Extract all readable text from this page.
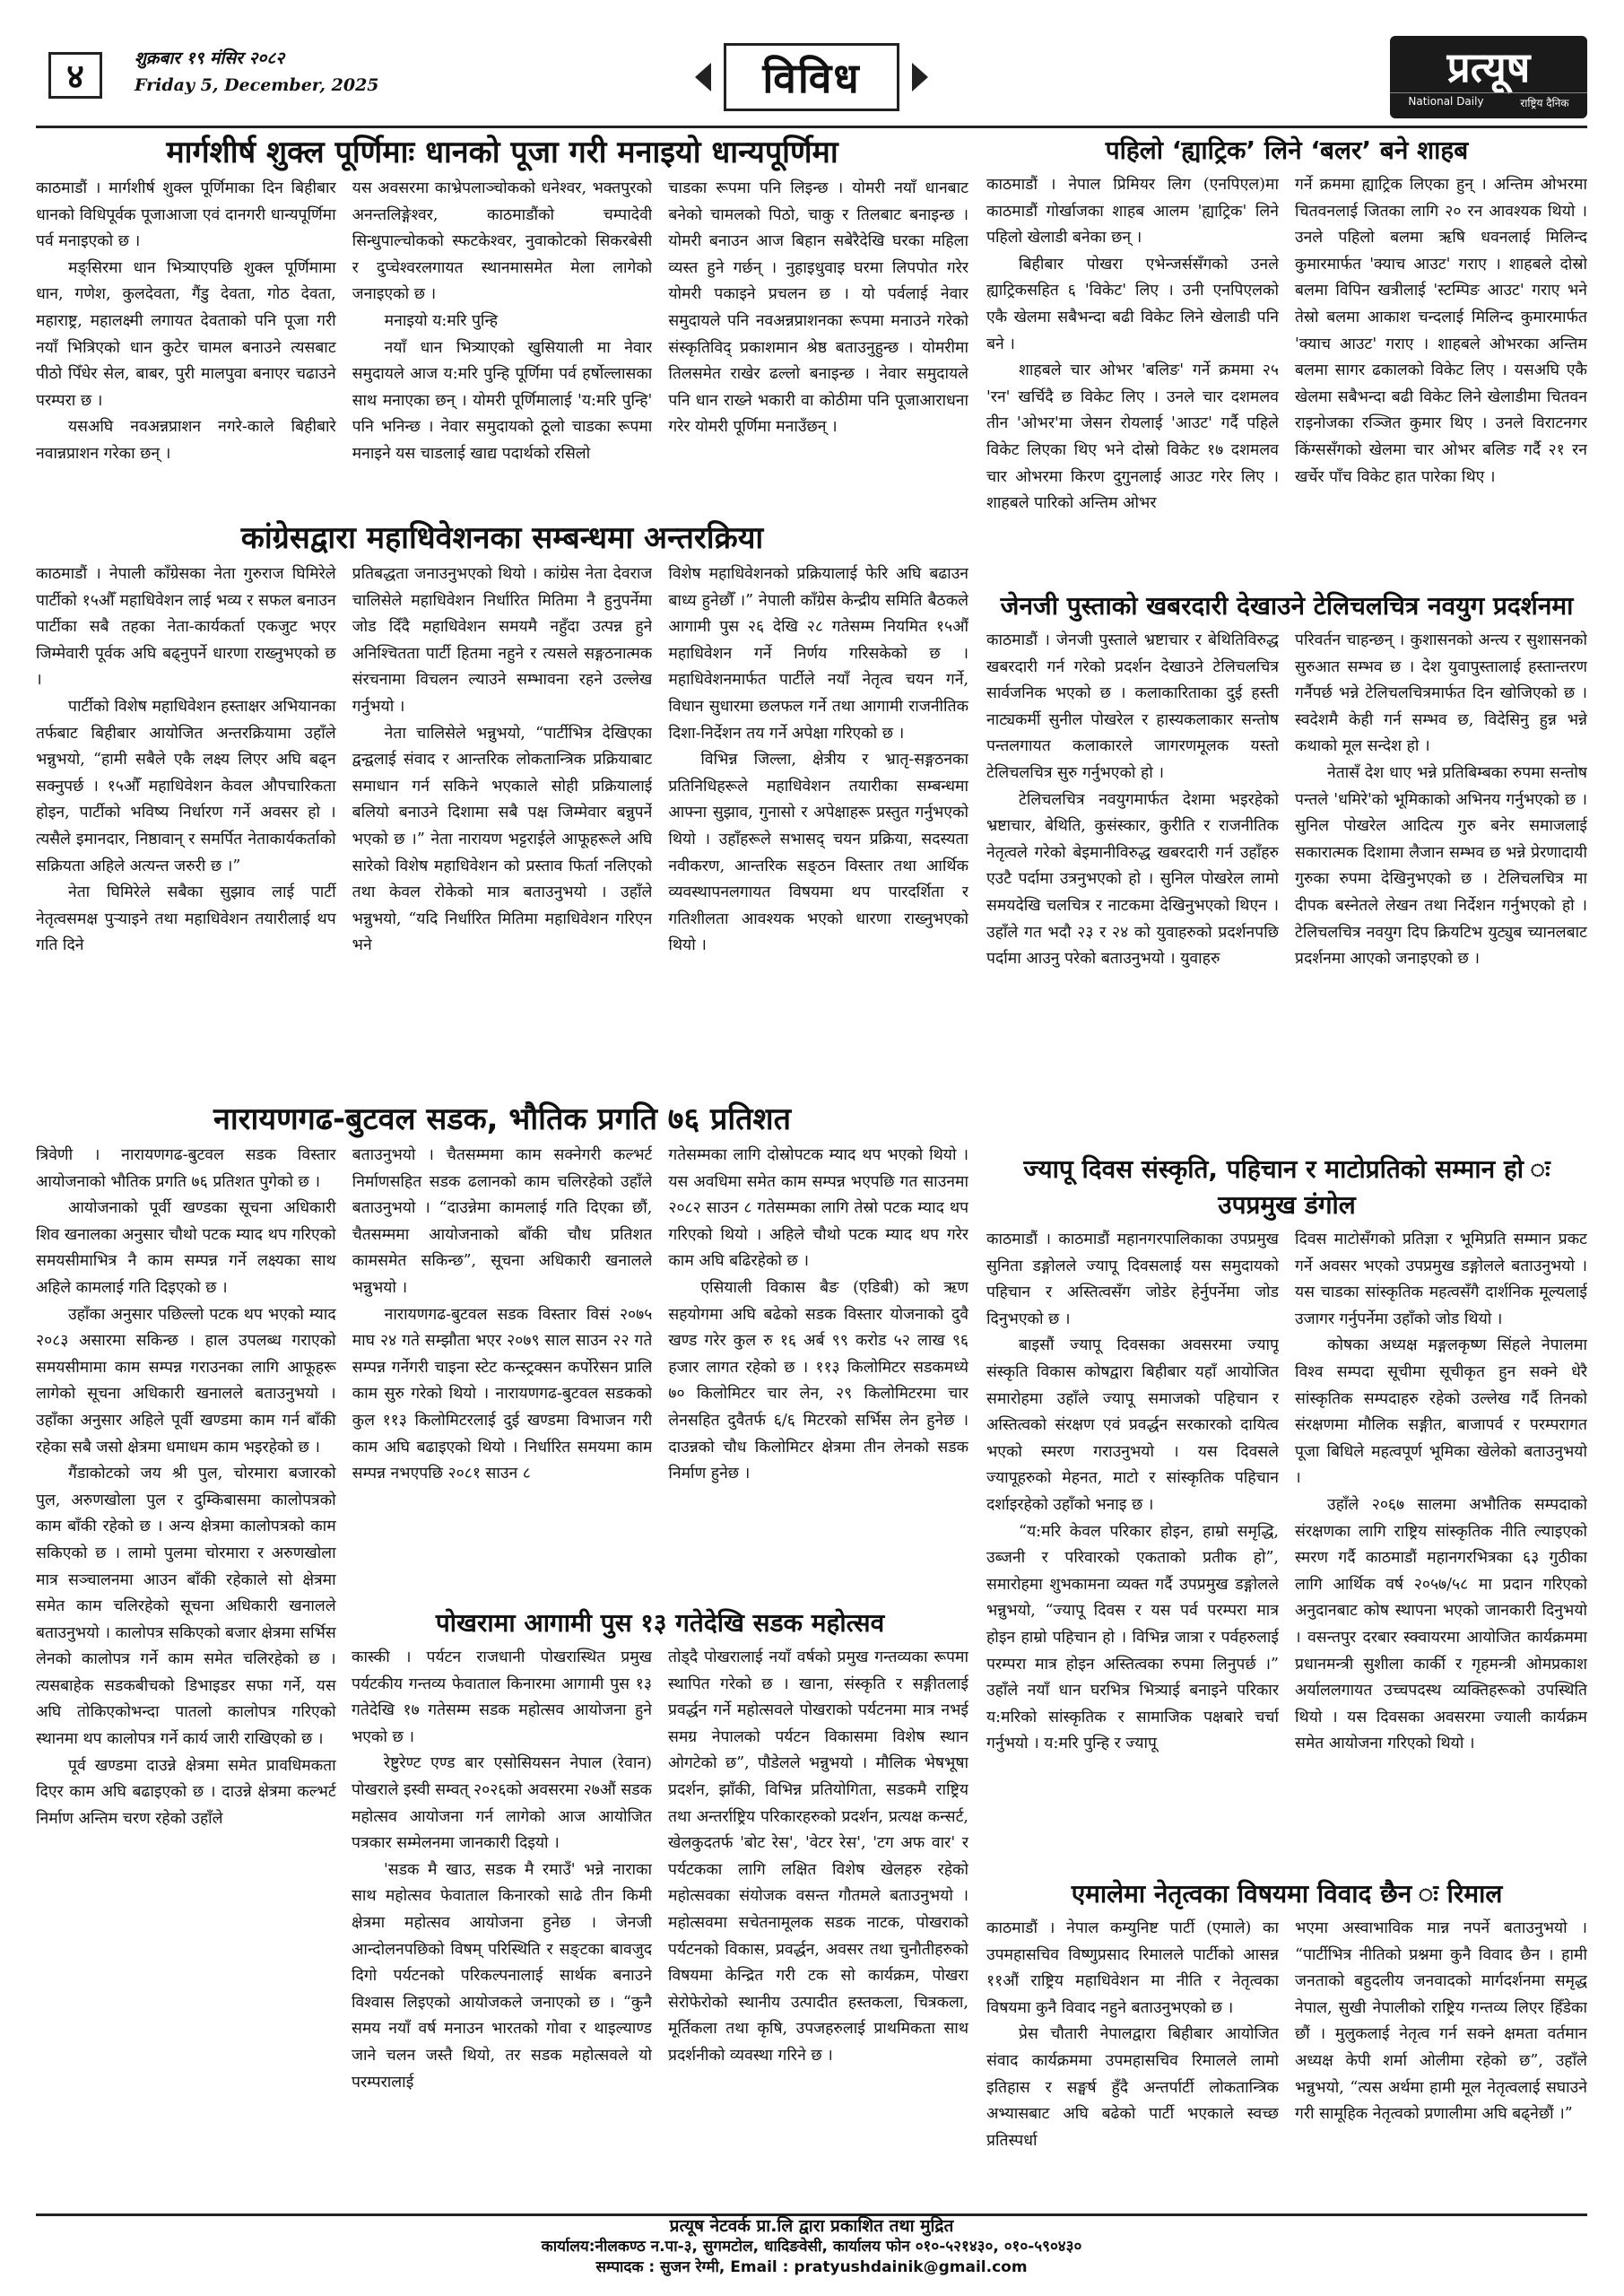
४	शुक्रबार १९ मंसिर २०८२
Friday 5, December, 2025	विविध	प्रत्यूष
National Daily	राष्ट्रिय दैनिक
मार्गशीर्ष शुक्ल पूर्णिमाः धानको पूजा गरी मनाइयो धान्यपूर्णिमा

काठमाडौं । मार्गशीर्ष शुक्ल पूर्णिमाका दिन बिहीबार धानको विधिपूर्वक पूजाआजा एवं दानगरी धान्यपूर्णिमा पर्व मनाइएको छ ।

मङ्सिरमा धान भित्र्याएपछि शुक्ल पूर्णिमामा धान, गणेश, कुलदेवता, गैंडु देवता, गोठ देवता, महाराष्ट्र, महालक्ष्मी लगायत देवताको पनि पूजा गरी नयाँ भित्रिएको धान कुटेर चामल बनाउने त्यसबाट पीठो पिँधेर सेल, बाबर, पुरी मालपुवा बनाएर चढाउने परम्परा छ ।

यसअघि नवअन्नप्राशन नगरे-काले बिहीबारे नवान्नप्राशन गरेका छन् ।

यस अवसरमा काभ्रेपलाञ्चोकको धनेश्वर, भक्तपुरको अनन्तलिङ्गेश्वर, काठमाडौंको चम्पादेवी सिन्धुपाल्चोकको स्फटकेश्वर, नुवाकोटको सिकरबेसी र दुप्चेश्वरलगायत स्थानमासमेत मेला लागेको जनाइएको छ ।

मनाइयो य:मरि पुन्हि

नयाँ धान भित्र्याएको खुसियाली मा नेवार समुदायले आज य:मरि पुन्हि पूर्णिमा पर्व हर्षोल्लासका साथ मनाएका छन् । योमरी पूर्णिमालाई 'य:मरि पुन्हि' पनि भनिन्छ । नेवार समुदायको ठूलो चाडका रूपमा मनाइने यस चाडलाई खाद्य पदार्थको रसिलो

चाडका रूपमा पनि लिइन्छ । योमरी नयाँ धानबाट बनेको चामलको पिठो, चाकु र तिलबाट बनाइन्छ । योमरी बनाउन आज बिहान सबेरैदेखि घरका महिला व्यस्त हुने गर्छन् । नुहाइधुवाइ घरमा लिपपोत गरेर योमरी पकाइने प्रचलन छ । यो पर्वलाई नेवार समुदायले पनि नवअन्नप्राशनका रूपमा मनाउने गरेको संस्कृतिविद् प्रकाशमान श्रेष्ठ बताउनुहुन्छ । योमरीमा तिलसमेत राखेर ढल्लो बनाइन्छ । नेवार समुदायले पनि धान राख्ने भकारी वा कोठीमा पनि पूजाआराधना गरेर योमरी पूर्णिमा मनाउँछन् ।

कांग्रेसद्वारा महाधिवेशनका सम्बन्धमा अन्तरक्रिया

काठमाडौं । नेपाली काँग्रेसका नेता गुरुराज घिमिरेले पार्टीको १५औँ महाधिवेशन लाई भव्य र सफल बनाउन पार्टीका सबै तहका नेता-कार्यकर्ता एकजुट भएर जिम्मेवारी पूर्वक अघि बढ्नुपर्ने धारणा राख्नुभएको छ ।

पार्टीको विशेष महाधिवेशन हस्ताक्षर अभियानका तर्फबाट बिहीबार आयोजित अन्तरक्रियामा उहाँले भन्नुभयो, “हामी सबैले एकै लक्ष्य लिएर अघि बढ्न सक्नुपर्छ । १५औँ महाधिवेशन केवल औपचारिकता होइन, पार्टीको भविष्य निर्धारण गर्ने अवसर हो । त्यसैले इमानदार, निष्ठावान् र समर्पित नेताकार्यकर्ताको सक्रियता अहिले अत्यन्त जरुरी छ ।”

नेता घिमिरेले सबैका सुझाव लाई पार्टी नेतृत्वसमक्ष पुऱ्याइने तथा महाधिवेशन तयारीलाई थप गति दिने

प्रतिबद्धता जनाउनुभएको थियो । कांग्रेस नेता देवराज चालिसेले महाधिवेशन निर्धारित मितिमा नै हुनुपर्नेमा जोड दिँदै महाधिवेशन समयमै नहुँदा उत्पन्न हुने अनिश्चितता पार्टी हितमा नहुने र त्यसले सङ्गठनात्मक संरचनामा विचलन ल्याउने सम्भावना रहने उल्लेख गर्नुभयो ।

नेता चालिसेले भन्नुभयो, “पार्टीभित्र देखिएका द्वन्द्वलाई संवाद र आन्तरिक लोकतान्त्रिक प्रक्रियाबाट समाधान गर्न सकिने भएकाले सोही प्रक्रियालाई बलियो बनाउने दिशामा सबै पक्ष जिम्मेवार बन्नुपर्ने भएको छ ।” नेता नारायण भट्टराईले आफूहरूले अघि सारेको विशेष महाधिवेशन को प्रस्ताव फिर्ता नलिएको तथा केवल रोकेको मात्र बताउनुभयो । उहाँले भन्नुभयो, “यदि निर्धारित मितिमा महाधिवेशन गरिएन भने

विशेष महाधिवेशनको प्रक्रियालाई फेरि अघि बढाउन बाध्य हुनेछौँ ।” नेपाली काँग्रेस केन्द्रीय समिति बैठकले आगामी पुस २६ देखि २८ गतेसम्म नियमित १५औँ महाधिवेशन गर्ने निर्णय गरिसकेको छ । महाधिवेशनमार्फत पार्टीले नयाँ नेतृत्व चयन गर्ने, विधान सुधारमा छलफल गर्ने तथा आगामी राजनीतिक दिशा-निर्देशन तय गर्ने अपेक्षा गरिएको छ ।

विभिन्न जिल्ला, क्षेत्रीय र भ्रातृ-सङ्गठनका प्रतिनिधिहरूले महाधिवेशन तयारीका सम्बन्धमा आफ्ना सुझाव, गुनासो र अपेक्षाहरू प्रस्तुत गर्नुभएको थियो । उहाँहरूले सभासद् चयन प्रक्रिया, सदस्यता नवीकरण, आन्तरिक सङ्ठन विस्तार तथा आर्थिक व्यवस्थापनलगायत विषयमा थप पारदर्शिता र गतिशीलता आवश्यक भएको धारणा राख्नुभएको थियो ।

नारायणगढ-बुटवल सडक, भौतिक प्रगति ७६ प्रतिशत

त्रिवेणी । नारायणगढ-बुटवल सडक विस्तार आयोजनाको भौतिक प्रगति ७६ प्रतिशत पुगेको छ ।

आयोजनाको पूर्वी खण्डका सूचना अधिकारी शिव खनालका अनुसार चौथो पटक म्याद थप गरिएको समयसीमाभित्र नै काम सम्पन्न गर्ने लक्ष्यका साथ अहिले कामलाई गति दिइएको छ ।

उहाँका अनुसार पछिल्लो पटक थप भएको म्याद २०८३ असारमा सकिन्छ । हाल उपलब्ध गराएको समयसीमामा काम सम्पन्न गराउनका लागि आफूहरू लागेको सूचना अधिकारी खनालले बताउनुभयो । उहाँका अनुसार अहिले पूर्वी खण्डमा काम गर्न बाँकी रहेका सबै जसो क्षेत्रमा धमाधम काम भइरहेको छ ।

गैंडाकोटको जय श्री पुल, चोरमारा बजारको पुल, अरुणखोला पुल र दुम्किबासमा कालोपत्रको काम बाँकी रहेको छ । अन्य क्षेत्रमा कालोपत्रको काम सकिएको छ । लामो पुलमा चोरमारा र अरुणखोला मात्र सञ्चालनमा आउन बाँकी रहेकाले सो क्षेत्रमा समेत काम चलिरहेको सूचना अधिकारी खनालले बताउनुभयो । कालोपत्र सकिएको बजार क्षेत्रमा सर्भिस लेनको कालोपत्र गर्ने काम समेत चलिरहेको छ । त्यसबाहेक सडकबीचको डिभाइडर सफा गर्ने, यस अघि तोकिएकोभन्दा पातलो कालोपत्र गरिएको स्थानमा थप कालोपत्र गर्ने कार्य जारी राखिएको छ ।

पूर्व खण्डमा दाउन्ने क्षेत्रमा समेत प्रावधिमकता दिएर काम अघि बढाइएको छ । दाउन्ने क्षेत्रमा कल्भर्ट निर्माण अन्तिम चरण रहेको उहाँले

बताउनुभयो । चैतसम्ममा काम सक्नेगरी कल्भर्ट निर्माणसहित सडक ढलानको काम चलिरहेको उहाँले बताउनुभयो । “दाउन्नेमा कामलाई गति दिएका छौं, चैतसम्ममा आयोजनाको बाँकी चौध प्रतिशत कामसमेत सकिन्छ”, सूचना अधिकारी खनालले भन्नुभयो ।

नारायणगढ-बुटवल सडक विस्तार विसं २०७५ माघ २४ गते सम्झौता भएर २०७९ साल साउन २२ गते सम्पन्न गर्नेगरी चाइना स्टेट कन्स्ट्रक्सन कर्पोरेसन प्रालि काम सुरु गरेको थियो । नारायणगढ-बुटवल सडकको कुल ११३ किलोमिटरलाई दुई खण्डमा विभाजन गरी काम अघि बढाइएको थियो । निर्धारित समयमा काम सम्पन्न नभएपछि २०८१ साउन ८

गतेसम्मका लागि दोस्रोपटक म्याद थप भएको थियो । यस अवधिमा समेत काम सम्पन्न भएपछि गत साउनमा २०८२ साउन ८ गतेसम्मका लागि तेस्रो पटक म्याद थप गरिएको थियो । अहिले चौथो पटक म्याद थप गरेर काम अघि बढिरहेको छ ।

एसियाली विकास बैङ (एडिबी) को ऋण सहयोगमा अघि बढेको सडक विस्तार योजनाको दुवै खण्ड गरेर कुल रु १६ अर्ब ९९ करोड ५२ लाख ९६ हजार लागत रहेको छ । ११३ किलोमिटर सडकमध्ये ७० किलोमिटर चार लेन, २९ किलोमिटरमा चार लेनसहित दुवैतर्फ ६/६ मिटरको सर्भिस लेन हुनेछ । दाउन्नको चौध किलोमिटर क्षेत्रमा तीन लेनको सडक निर्माण हुनेछ ।

पोखरामा आगामी पुस १३ गतेदेखि सडक महोत्सव

कास्की । पर्यटन राजधानी पोखरास्थित प्रमुख पर्यटकीय गन्तव्य फेवाताल किनारमा आगामी पुस १३ गतेदेखि १७ गतेसम्म सडक महोत्सव आयोजना हुने भएको छ ।

रेष्टुरेण्ट एण्ड बार एसोसियसन नेपाल (रेवान) पोखराले इस्वी सम्वत् २०२६को अवसरमा २७औं सडक महोत्सव आयोजना गर्न लागेको आज आयोजित पत्रकार सम्मेलनमा जानकारी दिइयो ।

'सडक मै खाउ, सडक मै रमाउँ' भन्ने नाराका साथ महोत्सव फेवाताल किनारको साढे तीन किमी क्षेत्रमा महोत्सव आयोजना हुनेछ । जेनजी आन्दोलनपछिको विषम् परिस्थिति र सङ्टका बावजुद दिगो पर्यटनको परिकल्पनालाई सार्थक बनाउने विश्वास लिइएको आयोजकले जनाएको छ । “कुनै समय नयाँ वर्ष मनाउन भारतको गोवा र थाइल्याण्ड जाने चलन जस्तै थियो, तर सडक महोत्सवले यो परम्परालाई

तोड्दै पोखरालाई नयाँ वर्षको प्रमुख गन्तव्यका रूपमा स्थापित गरेको छ । खाना, संस्कृति र सङ्गीतलाई प्रवर्द्धन गर्ने महोत्सवले पोखराको पर्यटनमा मात्र नभई समग्र नेपालको पर्यटन विकासमा विशेष स्थान ओगटेको छ”, पौडेलले भन्नुभयो । मौलिक भेषभूषा प्रदर्शन, झाँकी, विभिन्न प्रतियोगिता, सडकमै राष्ट्रिय तथा अन्तर्राष्ट्रिय परिकारहरुको प्रदर्शन, प्रत्यक्ष कन्सर्ट, खेलकुदतर्फ 'बोट रेस', 'वेटर रेस', 'टग अफ वार' र पर्यटकका लागि लक्षित विशेष खेलहरु रहेको महोत्सवका संयोजक वसन्त गौतमले बताउनुभयो । महोत्सवमा सचेतनामूलक सडक नाटक, पोखराको पर्यटनको विकास, प्रवर्द्धन, अवसर तथा चुनौतीहरुको विषयमा केन्द्रित गरी टक सो कार्यक्रम, पोखरा सेरोफेरोको स्थानीय उत्पादीत हस्तकला, चित्रकला, मूर्तिकला तथा कृषि, उपजहरुलाई प्राथमिकता साथ प्रदर्शनीको व्यवस्था गरिने छ ।

पहिलो ‘ह्याट्रिक’ लिने ‘बलर’ बने शाहब

काठमाडौं । नेपाल प्रिमियर लिग (एनपिएल)मा काठमाडौं गोर्खाजका शाहब आलम 'ह्याट्रिक' लिने पहिलो खेलाडी बनेका छन् ।

बिहीबार पोखरा एभेन्जर्ससँगको उनले ह्याट्रिकसहित ६ 'विकेट' लिए । उनी एनपिएलको एकै खेलमा सबैभन्दा बढी विकेट लिने खेलाडी पनि बने ।

शाहबले चार ओभर 'बलिङ' गर्ने क्रममा २५ 'रन' खर्चिदै छ विकेट लिए । उनले चार दशमलव तीन 'ओभर'मा जेसन रोयलाई 'आउट' गर्दै पहिले विकेट लिएका थिए भने दोस्रो विकेट १७ दशमलव चार ओभरमा किरण दुगुनलाई आउट गरेर लिए । शाहबले पारिको अन्तिम ओभर

गर्ने क्रममा ह्याट्रिक लिएका हुन् । अन्तिम ओभरमा चितवनलाई जितका लागि २० रन आवश्यक थियो । उनले पहिलो बलमा ऋषि धवनलाई मिलिन्द कुमारमार्फत 'क्याच आउट' गराए । शाहबले दोस्रो बलमा विपिन खत्रीलाई 'स्टम्पिङ आउट' गराए भने तेस्रो बलमा आकाश चन्दलाई मिलिन्द कुमारमार्फत 'क्याच आउट' गराए । शाहबले ओभरका अन्तिम बलमा सागर ढकालको विकेट लिए । यसअघि एकै खेलमा सबैभन्दा बढी विकेट लिने खेलाडीमा चितवन राइनोजका रञ्जित कुमार थिए । उनले विराटनगर किंग्ससँगको खेलमा चार ओभर बलिङ गर्दै २१ रन खर्चेर पाँच विकेट हात पारेका थिए ।

जेनजी पुस्ताको खबरदारी देखाउने टेलिचलचित्र नवयुग प्रदर्शनमा

काठमाडौं । जेनजी पुस्ताले भ्रष्टाचार र बेथितिविरुद्ध खबरदारी गर्न गरेको प्रदर्शन देखाउने टेलिचलचित्र सार्वजनिक भएको छ । कलाकारिताका दुई हस्ती नाट्यकर्मी सुनील पोखरेल र हास्यकलाकार सन्तोष पन्तलगायत कलाकारले जागरणमूलक यस्तो टेलिचलचित्र सुरु गर्नुभएको हो ।

टेलिचलचित्र नवयुगमार्फत देशमा भइरहेको भ्रष्टाचार, बेथिति, कुसंस्कार, कुरीति र राजनीतिक नेतृत्वले गरेको बेइमानीविरुद्ध खबरदारी गर्न उहाँहरु एउटै पर्दामा उत्रनुभएको हो । सुनिल पोखरेल लामो समयदेखि चलचित्र र नाटकमा देखिनुभएको थिएन । उहाँले गत भदौ २३ र २४ को युवाहरुको प्रदर्शनपछि पर्दामा आउनु परेको बताउनुभयो । युवाहरु

परिवर्तन चाहन्छन् । कुशासनको अन्त्य र सुशासनको सुरुआत सम्भव छ । देश युवापुस्तालाई हस्तान्तरण गर्नैपर्छ भन्ने टेलिचलचित्रमार्फत दिन खोजिएको छ । स्वदेशमै केही गर्न सम्भव छ, विदेसिनु हुन्न भन्ने कथाको मूल सन्देश हो ।

नेतासँ देश धाए भन्ने प्रतिबिम्बका रुपमा सन्तोष पन्तले 'धमिरे'को भूमिकाको अभिनय गर्नुभएको छ । सुनिल पोखरेल आदित्य गुरु बनेर समाजलाई सकारात्मक दिशामा लैजान सम्भव छ भन्ने प्रेरणादायी गुरुका रुपमा देखिनुभएको छ । टेलिचलचित्र मा दीपक बस्नेतले लेखन तथा निर्देशन गर्नुभएको हो । टेलिचलचित्र नवयुग दिप क्रियटिभ युट्युब च्यानलबाट प्रदर्शनमा आएको जनाइएको छ ।

ज्यापू दिवस संस्कृति, पहिचान र माटोप्रतिको सम्मान हो ः उपप्रमुख डंगोल

काठमाडौं । काठमाडौं महानगरपालिकाका उपप्रमुख सुनिता डङ्गोलले ज्यापू दिवसलाई यस समुदायको पहिचान र अस्तित्वसँग जोडेर हेर्नुपर्नेमा जोड दिनुभएको छ ।

बाइसौं ज्यापू दिवसका अवसरमा ज्यापू संस्कृति विकास कोषद्वारा बिहीबार यहाँ आयोजित समारोहमा उहाँले ज्यापू समाजको पहिचान र अस्तित्वको संरक्षण एवं प्रवर्द्धन सरकारको दायित्व भएको स्मरण गराउनुभयो । यस दिवसले ज्यापूहरुको मेहनत, माटो र सांस्कृतिक पहिचान दर्शाइरहेको उहाँको भनाइ छ ।

“य:मरि केवल परिकार होइन, हाम्रो समृद्धि, उब्जनी र परिवारको एकताको प्रतीक हो”, समारोहमा शुभकामना व्यक्त गर्दै उपप्रमुख डङ्गोलले भन्नुभयो, “ज्यापू दिवस र यस पर्व परम्परा मात्र होइन हाम्रो पहिचान हो । विभिन्न जात्रा र पर्वहरुलाई परम्परा मात्र होइन अस्तित्वका रुपमा लिनुपर्छ ।” उहाँले नयाँ धान घरभित्र भित्र्याई बनाइने परिकार य:मरिको सांस्कृतिक र सामाजिक पक्षबारे चर्चा गर्नुभयो । य:मरि पुन्हि र ज्यापू

दिवस माटोसँगको प्रतिज्ञा र भूमिप्रति सम्मान प्रकट गर्ने अवसर भएको उपप्रमुख डङ्गोलले बताउनुभयो । यस चाडका सांस्कृतिक महत्वसँगै दार्शनिक मूल्यलाई उजागर गर्नुपर्नेमा उहाँको जोड थियो ।

कोषका अध्यक्ष मङ्गलकृष्ण सिंहले नेपालमा विश्व सम्पदा सूचीमा सूचीकृत हुन सक्ने धेरै सांस्कृतिक सम्पदाहरु रहेको उल्लेख गर्दै तिनको संरक्षणमा मौलिक सङ्गीत, बाजापर्व र परम्परागत पूजा बिधिले महत्वपूर्ण भूमिका खेलेको बताउनुभयो ।

उहाँले २०६७ सालमा अभौतिक सम्पदाको संरक्षणका लागि राष्ट्रिय सांस्कृतिक नीति ल्याइएको स्मरण गर्दै काठमाडौं महानगरभित्रका ६३ गुठीका लागि आर्थिक वर्ष २०५७/५८ मा प्रदान गरिएको अनुदानबाट कोष स्थापना भएको जानकारी दिनुभयो । वसन्तपुर दरबार स्क्वायरमा आयोजित कार्यक्रममा प्रधानमन्त्री सुशीला कार्की र गृहमन्त्री ओमप्रकाश अर्याललगायत उच्चपदस्थ व्यक्तिहरूको उपस्थिति थियो । यस दिवसका अवसरमा ज्याली कार्यक्रम समेत आयोजना गरिएको थियो ।

एमालेमा नेतृत्वका विषयमा विवाद छैन ः रिमाल

काठमाडौं । नेपाल कम्युनिष्ट पार्टी (एमाले) का उपमहासचिव विष्णुप्रसाद रिमालले पार्टीको आसन्न ११औं राष्ट्रिय महाधिवेशन मा नीति र नेतृत्वका विषयमा कुनै विवाद नहुने बताउनुभएको छ ।

प्रेस चौतारी नेपालद्वारा बिहीबार आयोजित संवाद कार्यक्रममा उपमहासचिव रिमालले लामो इतिहास र सङ्घर्ष हुँदै अन्तर्पार्टी लोकतान्त्रिक अभ्यासबाट अघि बढेको पार्टी भएकाले स्वच्छ प्रतिस्पर्धा

भएमा अस्वाभाविक मान्न नपर्ने बताउनुभयो । “पार्टीभित्र नीतिको प्रश्नमा कुनै विवाद छैन । हामी जनताको बहुदलीय जनवादको मार्गदर्शनमा समृद्ध नेपाल, सुखी नेपालीको राष्ट्रिय गन्तव्य लिएर हिँडेका छौं । मुलुकलाई नेतृत्व गर्न सक्ने क्षमता वर्तमान अध्यक्ष केपी शर्मा ओलीमा रहेको छ”, उहाँले भन्नुभयो, “त्यस अर्थमा हामी मूल नेतृत्वलाई सघाउने गरी सामूहिक नेतृत्वको प्रणालीमा अघि बढ्नेछौं ।”

प्रत्यूष नेटवर्क प्रा.लि द्वारा प्रकाशित तथा मुद्रित
कार्यालय:नीलकण्ठ न.पा-३, सुगमटोल, धादिङवेसी, कार्यालय फोन ०१०-५२१४३०, ०१०-५९०४३०
सम्पादक : सुजन रेग्मी, Email : pratyushdainik@gmail.com
